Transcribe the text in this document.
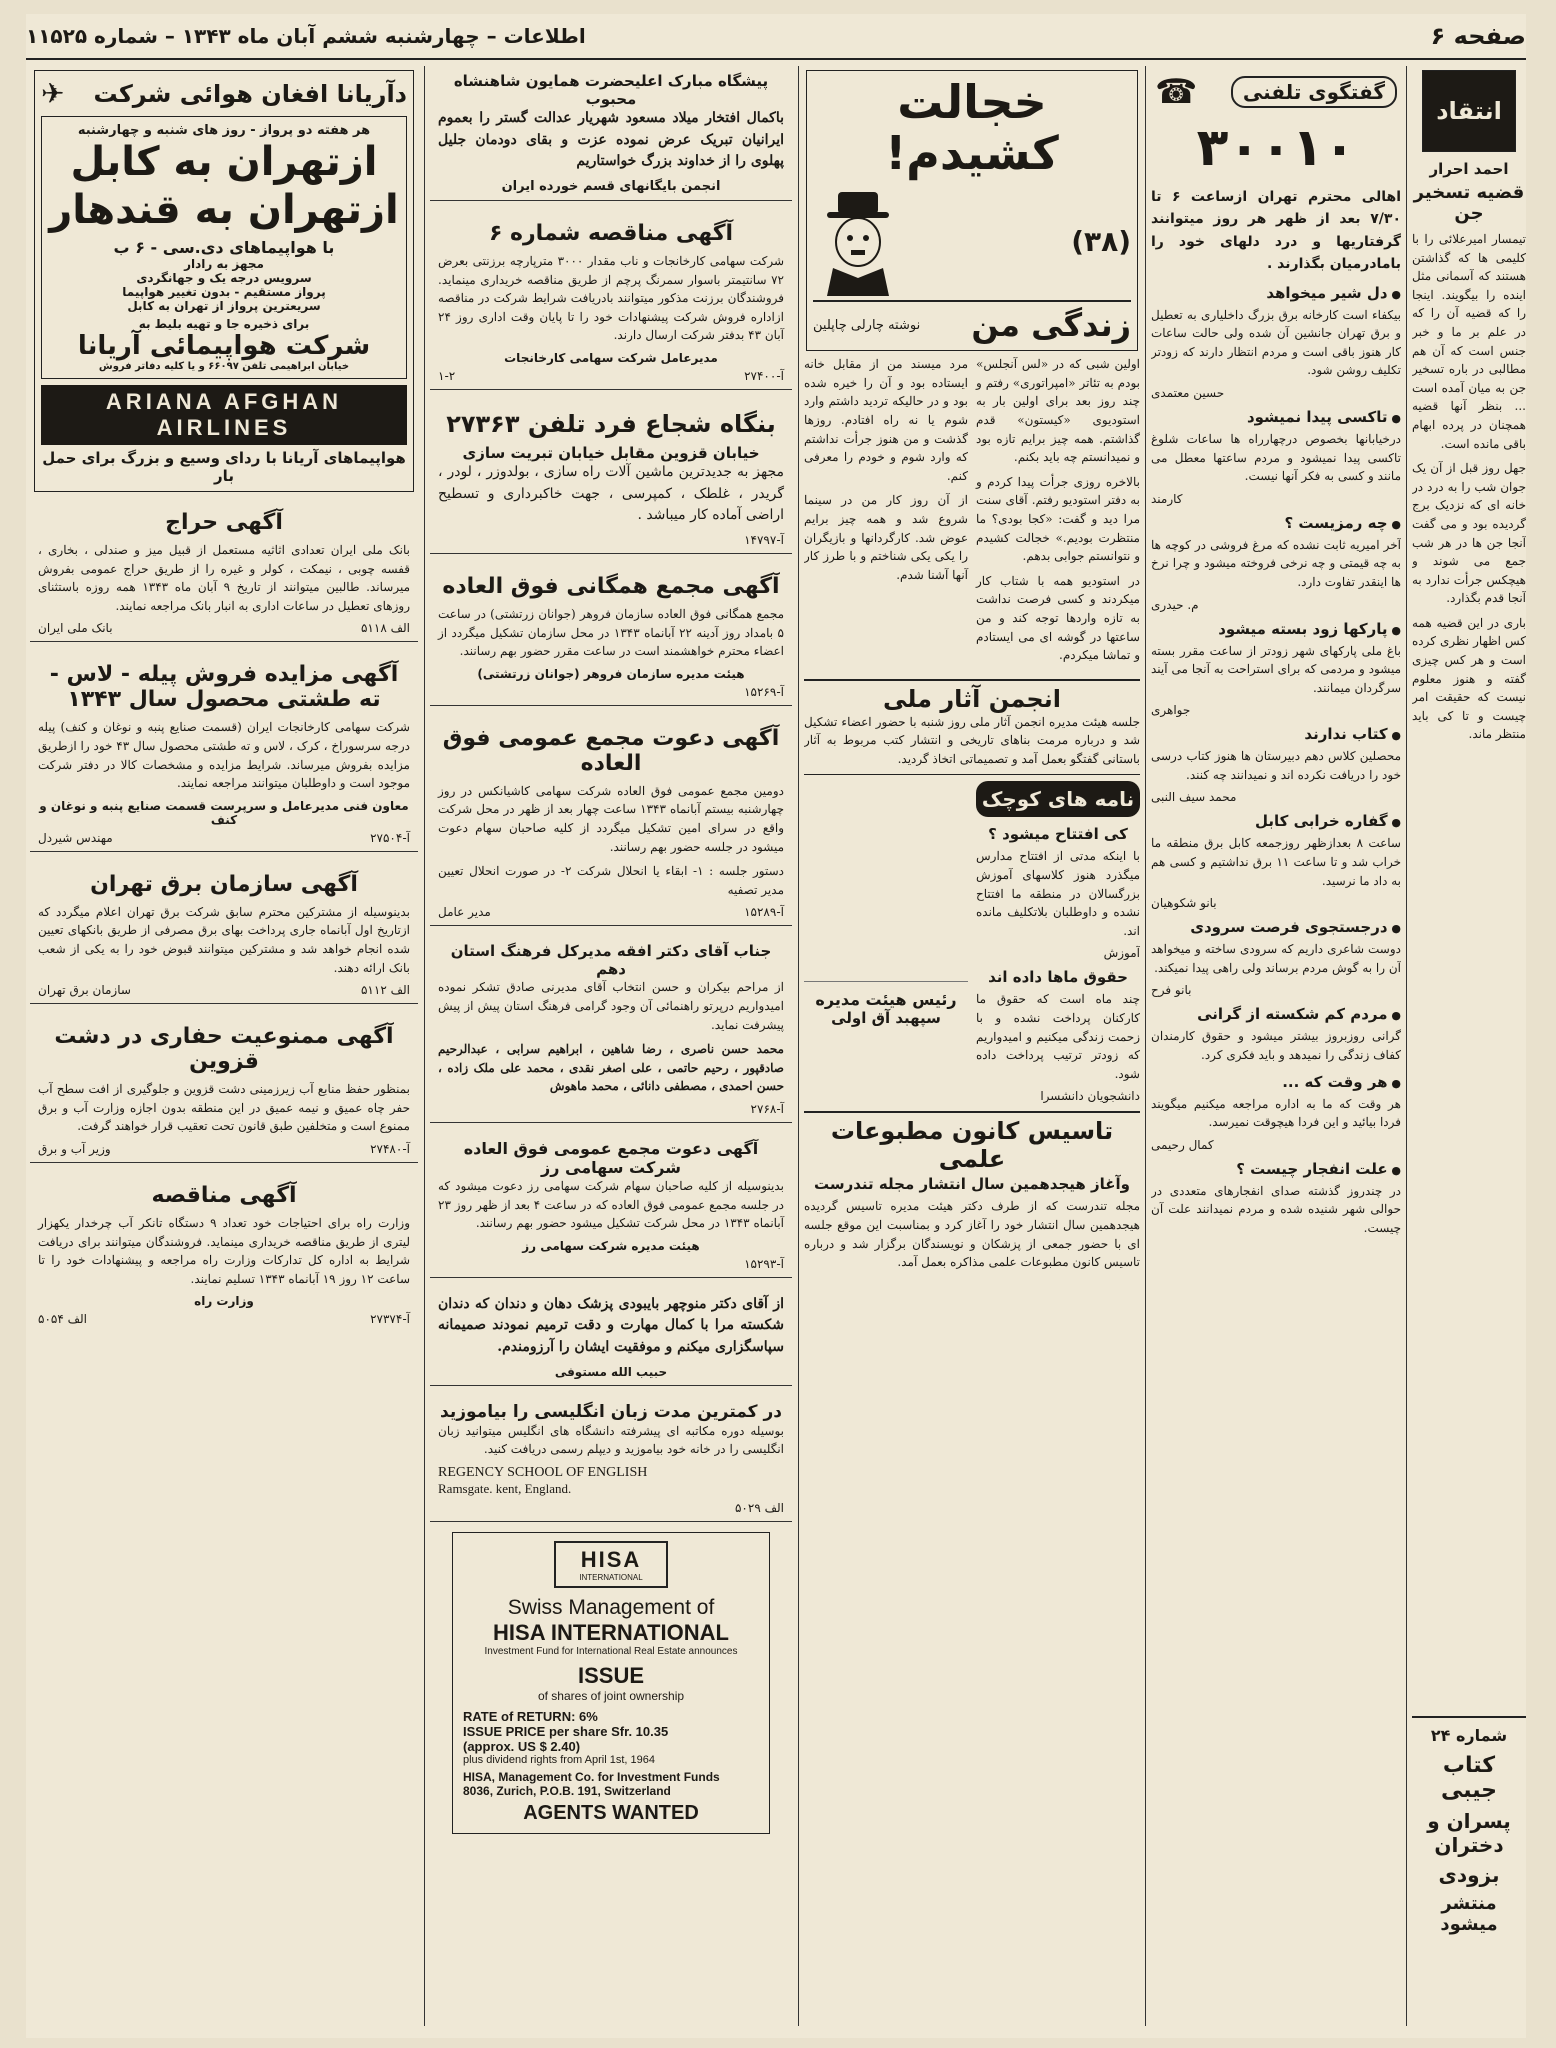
اطلاعات – چهارشنبه ششم آبان ماه ۱۳۴۳ – شماره ۱۱۵۲۵	صفحه ۶
انتقاد
احمد احرار
قضیه تسخیر جن

تیمسار امیرعلائی را با کلیمی ها که گذاشتن هستند که آسمانی مثل اینده را بیگویند. اینجا را که قضیه آن را که در علم بر ما و خبر جنس است که آن هم مطالبی در باره تسخیر جن به میان آمده است ... بنظر آنها قضیه همچنان در پرده ابهام باقی مانده است.

جهل روز قبل از آن یک جوان شب را به درد در خانه ای که نزدیک برج گردیده بود و می گفت آنجا جن ها در هر شب جمع می شوند و هیچکس جرأت ندارد به آنجا قدم بگذارد.

باری در این قضیه همه کس اظهار نظری کرده است و هر کس چیزی گفته و هنوز معلوم نیست که حقیقت امر چیست و تا کی باید منتظر ماند.

شماره ۲۴
کتاب جیبی
پسران و دختران
بزودی
منتشر میشود
گفتگوی تلفنی
☎
۳۰۰۱۰
اهالی محترم تهران ازساعت ۶ تا ۷/۳۰ بعد از ظهر هر روز میتوانند گرفتاریها و درد دلهای خود را بامادرمیان بگذارند .
● دل شیر میخواهد

بیکفاء است کارخانه برق بزرگ داخلیاری به تعطیل و برق تهران جانشین آن شده ولی حالت ساعات کار هنوز باقی است و مردم انتظار دارند که زودتر تکلیف روشن شود.

حسین معتمدی
● تاکسی پیدا نمیشود

درخیابانها بخصوص درچهارراه ها ساعات شلوغ تاکسی پیدا نمیشود و مردم ساعتها معطل می مانند و کسی به فکر آنها نیست.

کارمند
● چه رمزیست ؟

آخر امیریه ثابت نشده که مرغ فروشی در کوچه ها به چه قیمتی و چه نرخی فروخته میشود و چرا نرخ ها اینقدر تفاوت دارد.

م. حیدری
● پارکها زود بسته میشود

باغ ملی پارکهای شهر زودتر از ساعت مقرر بسته میشود و مردمی که برای استراحت به آنجا می آیند سرگردان میمانند.

جواهری
● کتاب ندارند

محصلین کلاس دهم دبیرستان ها هنوز کتاب درسی خود را دریافت نکرده اند و نمیدانند چه کنند.

محمد سیف النبی
● گفاره خرابی کابل

ساعت ۸ بعدازظهر روزجمعه کابل برق منطقه ما خراب شد و تا ساعت ۱۱ برق نداشتیم و کسی هم به داد ما نرسید.

بانو شکوهیان
● درجستجوی فرصت سرودی

دوست شاعری داریم که سرودی ساخته و میخواهد آن را به گوش مردم برساند ولی راهی پیدا نمیکند.

بانو فرح
● مردم کم شکسته از گرانی

گرانی روزبروز بیشتر میشود و حقوق کارمندان کفاف زندگی را نمیدهد و باید فکری کرد.

● هر وقت که ...

هر وقت که ما به اداره مراجعه میکنیم میگویند فردا بیائید و این فردا هیچوقت نمیرسد.

کمال رحیمی
● علت انفجار چیست ؟

در چندروز گذشته صدای انفجارهای متعددی در حوالی شهر شنیده شده و مردم نمیدانند علت آن چیست.

خجالت کشیدم!
(۳۸)
زندگی من
نوشته چارلی چاپلین

اولین شبی که در «لس آنجلس» بودم به تئاتر «امپراتوری» رفتم و چند روز بعد برای اولین بار به استودیوی «کیستون» قدم گذاشتم. همه چیز برایم تازه بود و نمیدانستم چه باید بکنم.

بالاخره روزی جرأت پیدا کردم و به دفتر استودیو رفتم. آقای سنت مرا دید و گفت: «کجا بودی؟ ما منتظرت بودیم.» خجالت کشیدم و نتوانستم جوابی بدهم.

در استودیو همه با شتاب کار میکردند و کسی فرصت نداشت به تازه واردها توجه کند و من ساعتها در گوشه ای می ایستادم و تماشا میکردم.

مرد میسند من از مقابل خانه ایستاده بود و آن را خیره شده بود و در حالیکه تردید داشتم وارد شوم یا نه راه افتادم. روزها گذشت و من هنوز جرأت نداشتم که وارد شوم و خودم را معرفی کنم.

از آن روز کار من در سینما شروع شد و همه چیز برایم عوض شد. کارگردانها و بازیگران را یکی یکی شناختم و با طرز کار آنها آشنا شدم.

انجمن آثار ملی

جلسه هیئت مدیره انجمن آثار ملی روز شنبه با حضور اعضاء تشکیل شد و درباره مرمت بناهای تاریخی و انتشار کتب مربوط به آثار باستانی گفتگو بعمل آمد و تصمیماتی اتخاذ گردید.

نامه های کوچک
کی افتتاح میشود ؟

با اینکه مدتی از افتتاح مدارس میگذرد هنوز کلاسهای آموزش بزرگسالان در منطقه ما افتتاح نشده و داوطلبان بلاتکلیف مانده اند.

آموزش
حقوق ماها داده اند

چند ماه است که حقوق ما کارکنان پرداخت نشده و با زحمت زندگی میکنیم و امیدواریم که زودتر ترتیب پرداخت داده شود.

دانشجویان دانشسرا
رئیس هیئت مدیره
سپهبد آق اولی
تاسیس کانون مطبوعات علمی
وآغاز هیجدهمین سال انتشار مجله تندرست

مجله تندرست که از طرف دکتر هیئت مدیره تاسیس گردیده هیجدهمین سال انتشار خود را آغاز کرد و بمناسبت این موقع جلسه ای با حضور جمعی از پزشکان و نویسندگان برگزار شد و درباره تاسیس کانون مطبوعات علمی مذاکره بعمل آمد.

پیشگاه مبارک اعلیحضرت همایون شاهنشاه محبوب

باکمال افتخار میلاد مسعود شهریار عدالت گستر را بعموم ایرانیان تبریک عرض نموده عزت و بقای دودمان جلیل پهلوی را از خداوند بزرگ خواستاریم

انجمن بایگانهای قسم خورده ایران
آگهی مناقصه شماره ۶

شرکت سهامی کارخانجات و ناب مقدار ۳۰۰۰ مترپارچه برزنتی بعرض ۷۲ سانتیمتر باسوار سمرنگ پرچم از طریق مناقصه خریداری مینماید. فروشندگان برزنت مذکور میتوانند بادریافت شرایط شرکت در مناقصه ازاداره فروش شرکت پیشنهادات خود را تا پایان وقت اداری روز ۲۴ آبان ۴۳ بدفتر شرکت ارسال دارند.

مدیرعامل شرکت سهامی کارخانجات
آ-۲۷۴۰۰
۱-۲
بنگاه شجاع فرد تلفن ۲۷۳۶۳
خیابان قزوین مقابل خیابان تبریت سازی

مجهز به جدیدترین ماشین آلات راه سازی ، بولدوزر ، لودر ، گریدر ، غلطک ، کمپرسی ، جهت خاکبرداری و تسطیح اراضی آماده کار میباشد .

آ-۱۴۷۹۷
آگهی مجمع همگانی فوق العاده

مجمع همگانی فوق العاده سازمان فروهر (جوانان زرتشتی) در ساعت ۵ بامداد روز آدینه ۲۲ آبانماه ۱۳۴۳ در محل سازمان تشکیل میگردد از اعضاء محترم خواهشمند است در ساعت مقرر حضور بهم رسانند.

هیئت مدیره سازمان فروهر (جوانان زرتشتی)
آ-۱۵۲۶۹
آگهی دعوت مجمع عمومی فوق العاده

دومین مجمع عمومی فوق العاده شرکت سهامی کاشیانکس در روز چهارشنبه بیستم آبانماه ۱۳۴۳ ساعت چهار بعد از ظهر در محل شرکت واقع در سرای امین تشکیل میگردد از کلیه صاحبان سهام دعوت میشود در جلسه حضور بهم رسانند.

دستور جلسه : ۱- ابقاء یا انحلال شرکت ۲- در صورت انحلال تعیین مدیر تصفیه

آ-۱۵۲۸۹
مدیر عامل
جناب آقای دکتر افقه مدیرکل فرهنگ استان دهم

از مراحم بیکران و حسن انتخاب آقای مدیرنی صادق تشکر نموده امیدواریم درپرتو راهنمائی آن وجود گرامی فرهنگ استان پیش از پیش پیشرفت نماید.

محمد حسن ناصری ، رضا شاهین ، ابراهیم سرابی ، عبدالرحیم صادقپور ، رحیم حاتمی ، علی اصغر نقدی ، محمد علی ملک زاده ، حسن احمدی ، مصطفی دانائی ، محمد ماهوش

آ-۲۷۶۸
آگهی دعوت مجمع عمومی فوق العاده شرکت سهامی رز

بدینوسیله از کلیه صاحبان سهام شرکت سهامی رز دعوت میشود که در جلسه مجمع عمومی فوق العاده که در ساعت ۴ بعد از ظهر روز ۲۳ آبانماه ۱۳۴۳ در محل شرکت تشکیل میشود حضور بهم رسانند.

هیئت مدیره شرکت سهامی رز
آ-۱۵۲۹۳

از آقای دکتر منوچهر بایبودی پزشک دهان و دندان که دندان شکسته مرا با کمال مهارت و دقت ترمیم نمودند صمیمانه سپاسگزاری میکنم و موفقیت ایشان را آرزومندم.

حبیب الله مستوفی
در کمترین مدت زبان انگلیسی را بیاموزید

بوسیله دوره مکاتبه ای پیشرفته دانشگاه های انگلیس میتوانید زبان انگلیسی را در خانه خود بیاموزید و دیپلم رسمی دریافت کنید.

REGENCY SCHOOL OF ENGLISH
Ramsgate. kent, England.
الف ۵۰۲۹
HISA
INTERNATIONAL
Swiss Management of
HISA INTERNATIONAL
Investment Fund for International Real Estate announces
ISSUE
of shares of joint ownership
RATE of RETURN: 6%
ISSUE PRICE per share Sfr. 10.35
(approx. US $ 2.40)
plus dividend rights from April 1st, 1964
HISA, Management Co. for Investment Funds
8036, Zurich, P.O.B. 191, Switzerland
AGENTS WANTED
دآریانا افغان هوائی شرکت
✈
هر هفته دو پرواز - روز های شنبه و چهارشنبه
ازتهران به کابل
ازتهران به قندهار
با هواپیماهای دی.سی - ۶ ب
مجهز به رادار
سرویس درجه یک و جهانگردی
پرواز مستقیم - بدون تغییر هواپیما
سریعترین پرواز از تهران به کابل
برای ذخیره جا و تهیه بلیط به
شرکت هواپیمائی آریانا
خیابان ابراهیمی تلفن ۶۶۰۹۷ و یا کلیه دفاتر فروش
ARIANA AFGHAN
AIRLINES
هواپیماهای آریانا با ردای وسیع و بزرگ برای حمل بار
آگهی حراج

بانک ملی ایران تعدادی اثاثیه مستعمل از قبیل میز و صندلی ، بخاری ، قفسه چوبی ، نیمکت ، کولر و غیره را از طریق حراج عمومی بفروش میرساند. طالبین میتوانند از تاریخ ۹ آبان ماه ۱۳۴۳ همه روزه باستثنای روزهای تعطیل در ساعات اداری به انبار بانک مراجعه نمایند.

الف ۵۱۱۸
بانک ملی ایران
آگهی مزایده فروش پیله - لاس - ته طشتی محصول سال ۱۳۴۳

شرکت سهامی کارخانجات ایران (قسمت صنایع پنبه و نوغان و کنف) پیله درجه سرسوراخ ، کرک ، لاس و ته طشتی محصول سال ۴۳ خود را ازطریق مزایده بفروش میرساند. شرایط مزایده و مشخصات کالا در دفتر شرکت موجود است و داوطلبان میتوانند مراجعه نمایند.

معاون فنی مدیرعامل و سرپرست قسمت صنایع پنبه و نوغان و کنف
آ-۲۷۵۰۴
مهندس شیردل
آگهی سازمان برق تهران

بدینوسیله از مشترکین محترم سابق شرکت برق تهران اعلام میگردد که ازتاریخ اول آبانماه جاری پرداخت بهای برق مصرفی از طریق بانکهای تعیین شده انجام خواهد شد و مشترکین میتوانند قبوض خود را به یکی از شعب بانک ارائه دهند.

الف ۵۱۱۲
سازمان برق تهران
آگهی ممنوعیت حفاری در دشت قزوین

بمنظور حفظ منابع آب زیرزمینی دشت قزوین و جلوگیری از افت سطح آب حفر چاه عمیق و نیمه عمیق در این منطقه بدون اجازه وزارت آب و برق ممنوع است و متخلفین طبق قانون تحت تعقیب قرار خواهند گرفت.

آ-۲۷۴۸۰
وزیر آب و برق
آگهی مناقصه

وزارت راه برای احتیاجات خود تعداد ۹ دستگاه تانکر آب چرخدار یکهزار لیتری از طریق مناقصه خریداری مینماید. فروشندگان میتوانند برای دریافت شرایط به اداره کل تدارکات وزارت راه مراجعه و پیشنهادات خود را تا ساعت ۱۲ روز ۱۹ آبانماه ۱۳۴۳ تسلیم نمایند.

وزارت راه
آ-۲۷۳۷۴
الف ۵۰۵۴
